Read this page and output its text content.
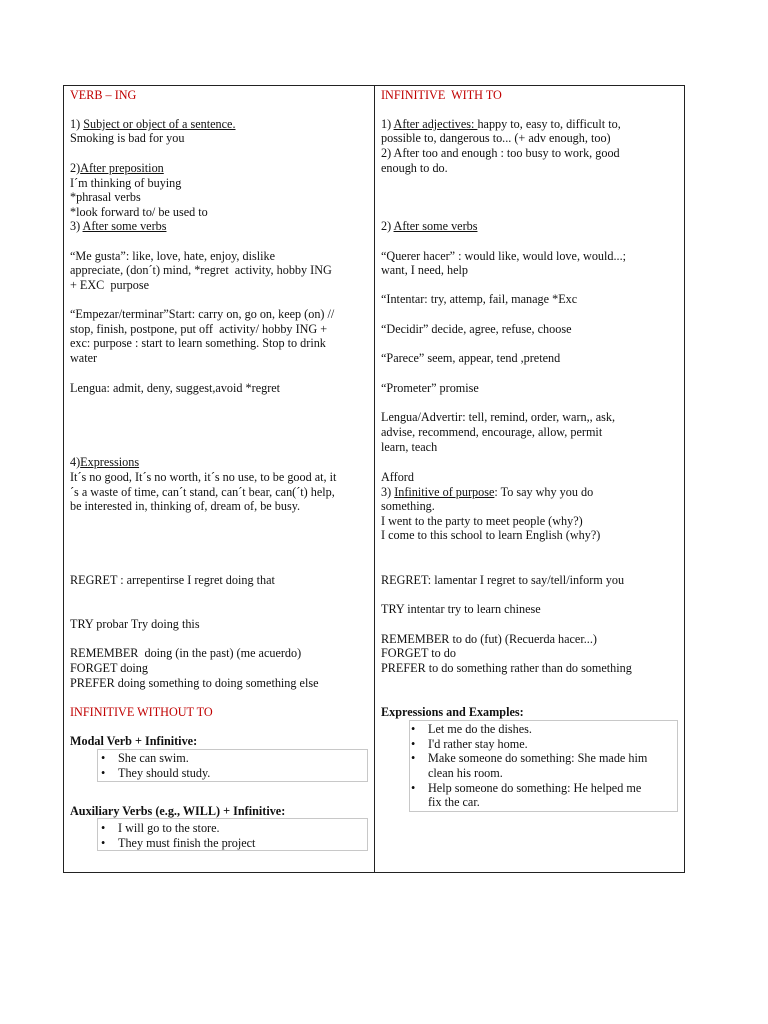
VERB – ING
1) Subject or object of a sentence.
Smoking is bad for you
2)After preposition
I´m thinking of buying
*phrasal verbs
*look forward to/ be used to
3) After some verbs
“Me gusta”: like, love, hate, enjoy, dislike
appreciate, (don´t) mind, *regret  activity, hobby ING
+ EXC  purpose
“Empezar/terminar”Start: carry on, go on, keep (on) //
stop, finish, postpone, put off  activity/ hobby ING +
exc: purpose : start to learn something. Stop to drink
water
Lengua: admit, deny, suggest,avoid *regret
4)Expressions
It´s no good, It´s no worth, it´s no use, to be good at, it
´s a waste of time, can´t stand, can´t bear, can(´t) help,
be interested in, thinking of, dream of, be busy.
REGRET : arrepentirse I regret doing that
TRY probar Try doing this
REMEMBER  doing (in the past) (me acuerdo)
FORGET doing
PREFER doing something to doing something else
INFINITIVE WITHOUT TO
Modal Verb + Infinitive:
• She can swim.
• They should study.
Auxiliary Verbs (e.g., WILL) + Infinitive:
• I will go to the store.
• They must finish the project
INFINITIVE  WITH TO
1) After adjectives: happy to, easy to, difficult to,
possible to, dangerous to... (+ adv enough, too)
2) After too and enough : too busy to work, good
enough to do.
2) After some verbs
“Querer hacer” : would like, would love, would...;
want, I need, help
“Intentar: try, attemp, fail, manage *Exc
“Decidir” decide, agree, refuse, choose
“Parece” seem, appear, tend ,pretend
“Prometer” promise
Lengua/Advertir: tell, remind, order, warn,, ask,
advise, recommend, encourage, allow, permit
learn, teach
Afford
3) Infinitive of purpose: To say why you do
something.
I went to the party to meet people (why?)
I come to this school to learn English (why?)
REGRET: lamentar I regret to say/tell/inform you
TRY intentar try to learn chinese
REMEMBER to do (fut) (Recuerda hacer...)
FORGET to do
PREFER to do something rather than do something
Expressions and Examples:
• Let me do the dishes.
• I'd rather stay home.
• Make someone do something: She made him
clean his room.
• Help someone do something: He helped me
fix the car.
